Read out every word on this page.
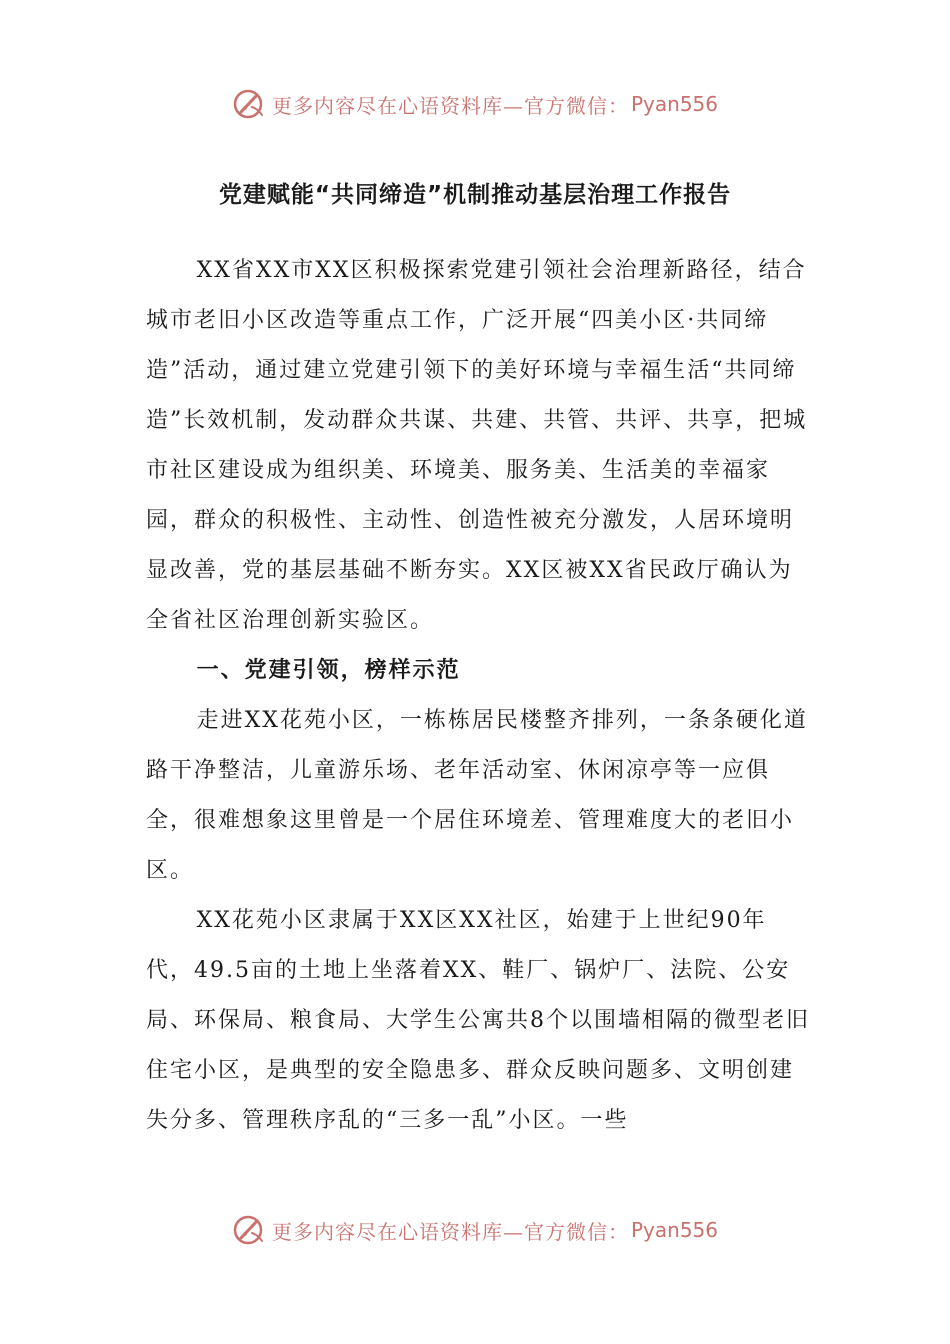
更多内容尽在心语资料库—官方微信： Pyan556
党建赋能“共同缔造”机制推动基层治理工作报告

XX省XX市XX区积极探索党建引领社会治理新路径，结合城市老旧小区改造等重点工作，广泛开展“四美小区·共同缔造”活动，通过建立党建引领下的美好环境与幸福生活“共同缔造”长效机制，发动群众共谋、共建、共管、共评、共享，把城市社区建设成为组织美、环境美、服务美、生活美的幸福家园，群众的积极性、主动性、创造性被充分激发，人居环境明显改善，党的基层基础不断夯实。XX区被XX省民政厅确认为全省社区治理创新实验区。

一、党建引领，榜样示范

走进XX花苑小区，一栋栋居民楼整齐排列，一条条硬化道路干净整洁，儿童游乐场、老年活动室、休闲凉亭等一应俱全，很难想象这里曾是一个居住环境差、管理难度大的老旧小区。

XX花苑小区隶属于XX区XX社区，始建于上世纪90年代，49.5亩的土地上坐落着XX、鞋厂、锅炉厂、法院、公安局、环保局、粮食局、大学生公寓共8个以围墙相隔的微型老旧住宅小区，是典型的安全隐患多、群众反映问题多、文明创建失分多、管理秩序乱的“三多一乱”小区。一些

更多内容尽在心语资料库—官方微信： Pyan556
